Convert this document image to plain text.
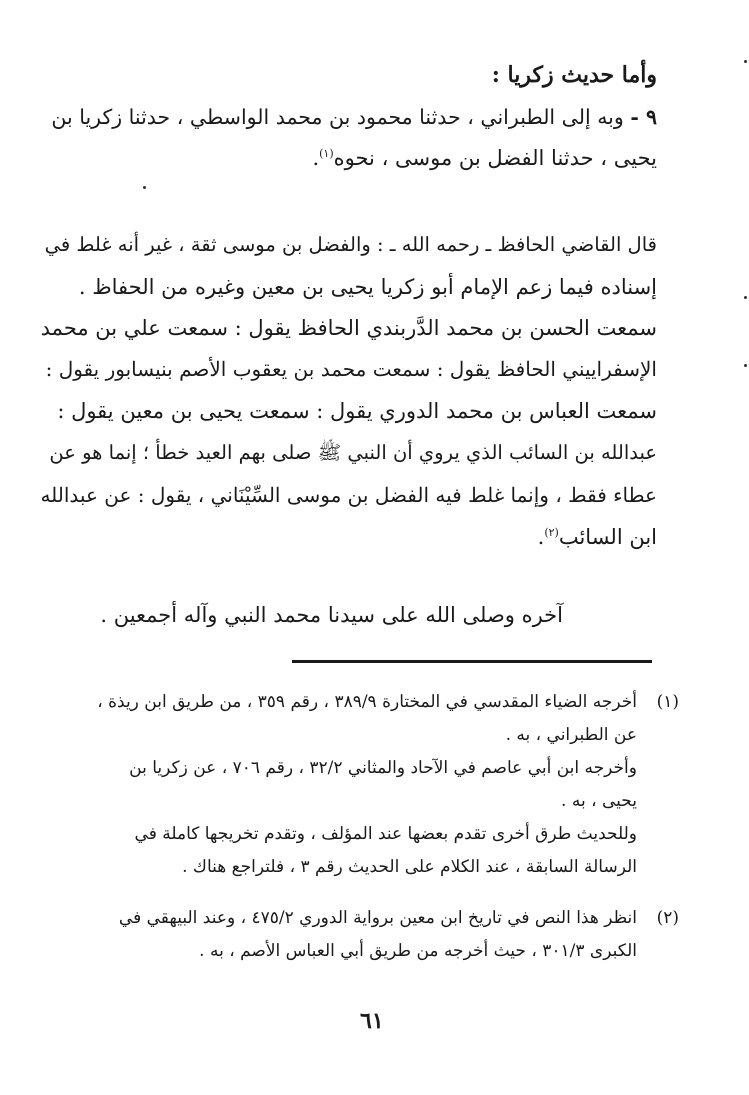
وأما حديث زكريا :
٩ - وبه إلى الطبراني ، حدثنا محمود بن محمد الواسطي ، حدثنا زكريا بن
يحيى ، حدثنا الفضل بن موسى ، نحوه$^{(١)}$.
قال القاضي الحافظ ـ رحمه الله ـ : والفضل بن موسى ثقة ، غير أنه غلط في
إسناده فيما زعم الإمام أبو زكريا يحيى بن معين وغيره من الحفاظ .
سمعت الحسن بن محمد الدَّربندي الحافظ يقول : سمعت علي بن محمد
الإسفراييني الحافظ يقول : سمعت محمد بن يعقوب الأصم بنيسابور يقول :
سمعت العباس بن محمد الدوري يقول : سمعت يحيى بن معين يقول :
عبدالله بن السائب الذي يروي أن النبي ﷺ صلى بهم العيد خطأ ؛ إنما هو عن
عطاء فقط ، وإنما غلط فيه الفضل بن موسى السِّيْنَاني ، يقول : عن عبدالله
ابن السائب$^{(٢)}$.
آخره وصلى الله على سيدنا محمد النبي وآله أجمعين .
(١)
أخرجه الضياء المقدسي في المختارة ٣٨٩/٩ ، رقم ٣٥٩ ، من طريق ابن ريذة ،
عن الطبراني ، به .
وأخرجه ابن أبي عاصم في الآحاد والمثاني ٣٢/٢ ، رقم ٧٠٦ ، عن زكريا بن
يحيى ، به .
وللحديث طرق أخرى تقدم بعضها عند المؤلف ، وتقدم تخريجها كاملة في
الرسالة السابقة ، عند الكلام على الحديث رقم ٣ ، فلتراجع هناك .
(٢)
انظر هذا النص في تاريخ ابن معين برواية الدوري ٤٧٥/٢ ، وعند البيهقي في
الكبرى ٣٠١/٣ ، حيث أخرجه من طريق أبي العباس الأصم ، به .
٦١
